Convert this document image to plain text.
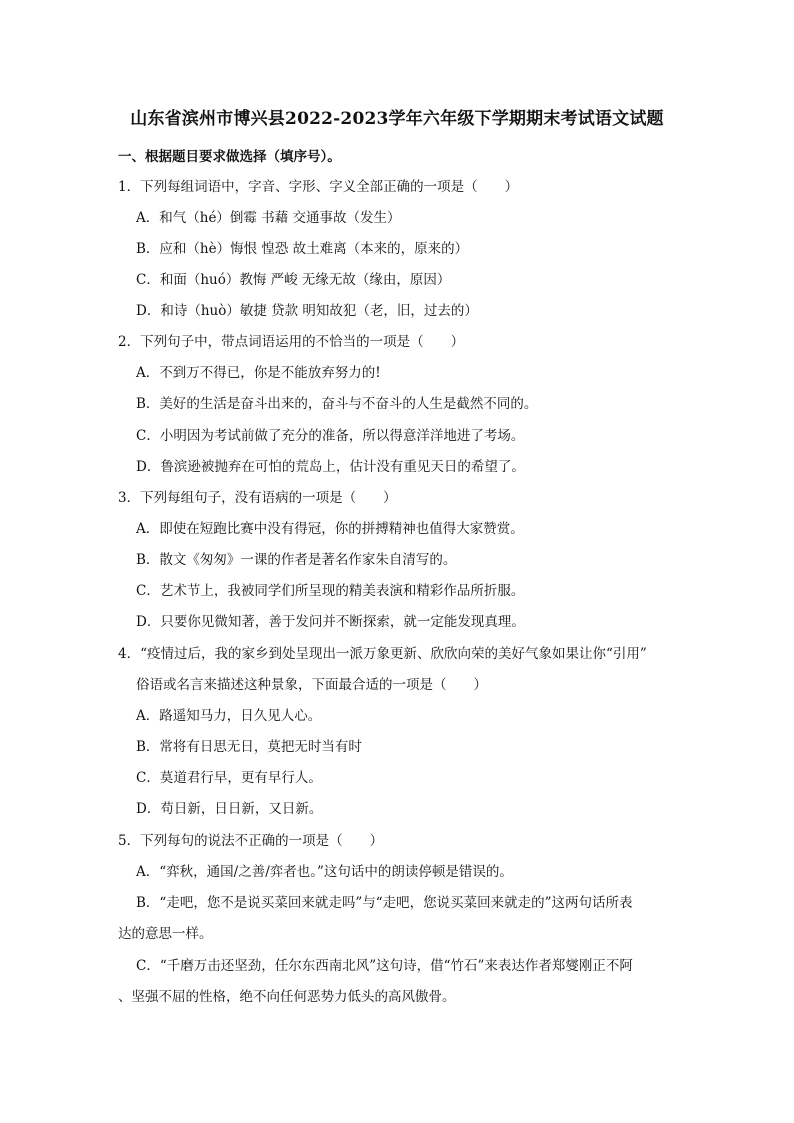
山东省滨州市博兴县2022-2023学年六年级下学期期末考试语文试题
一、根据题目要求做选择（填序号）。
1．下列每组词语中，字音、字形、字义全部正确的一项是（　　）
A．和气（hé）倒霉 书藉 交通事故（发生）
B．应和（hè）悔恨 惶恐 故土难离（本来的，原来的）
C．和面（huó）教悔 严峻 无缘无故（缘由，原因）
D．和诗（huò）敏捷 贷款 明知故犯（老，旧，过去的）
2．下列句子中，带点词语运用的不恰当的一项是（　　）
A．不到万不得已，你是不能放弃努力的!
B．美好的生活是奋斗出来的，奋斗与不奋斗的人生是截然不同的。
C．小明因为考试前做了充分的准备，所以得意洋洋地进了考场。
D．鲁滨逊被抛弃在可怕的荒岛上，估计没有重见天日的希望了。
3．下列每组句子，没有语病的一项是（　　）
A．即使在短跑比赛中没有得冠，你的拼搏精神也值得大家赞赏。
B．散文《匆匆》一课的作者是著名作家朱自清写的。
C．艺术节上，我被同学们所呈现的精美表演和精彩作品所折服。
D．只要你见微知著，善于发问并不断探索，就一定能发现真理。
4．“疫情过后，我的家乡到处呈现出一派万象更新、欣欣向荣的美好气象如果让你“引用”
俗语或名言来描述这种景象，下面最合适的一项是（　　）
A．路遥知马力，日久见人心。
B．常将有日思无日，莫把无时当有时
C．莫道君行早，更有早行人。
D．苟日新，日日新，又日新。
5．下列每句的说法不正确的一项是（　　）
A．“弈秋，通国/之善/弈者也。”这句话中的朗读停顿是错误的。
B．“走吧，您不是说买菜回来就走吗”与“走吧，您说买菜回来就走的”这两句话所表
达的意思一样。
C．“千磨万击还坚劲，任尔东西南北风”这句诗，借“竹石”来表达作者郑燮刚正不阿
、坚强不屈的性格，绝不向任何恶势力低头的高风傲骨。
